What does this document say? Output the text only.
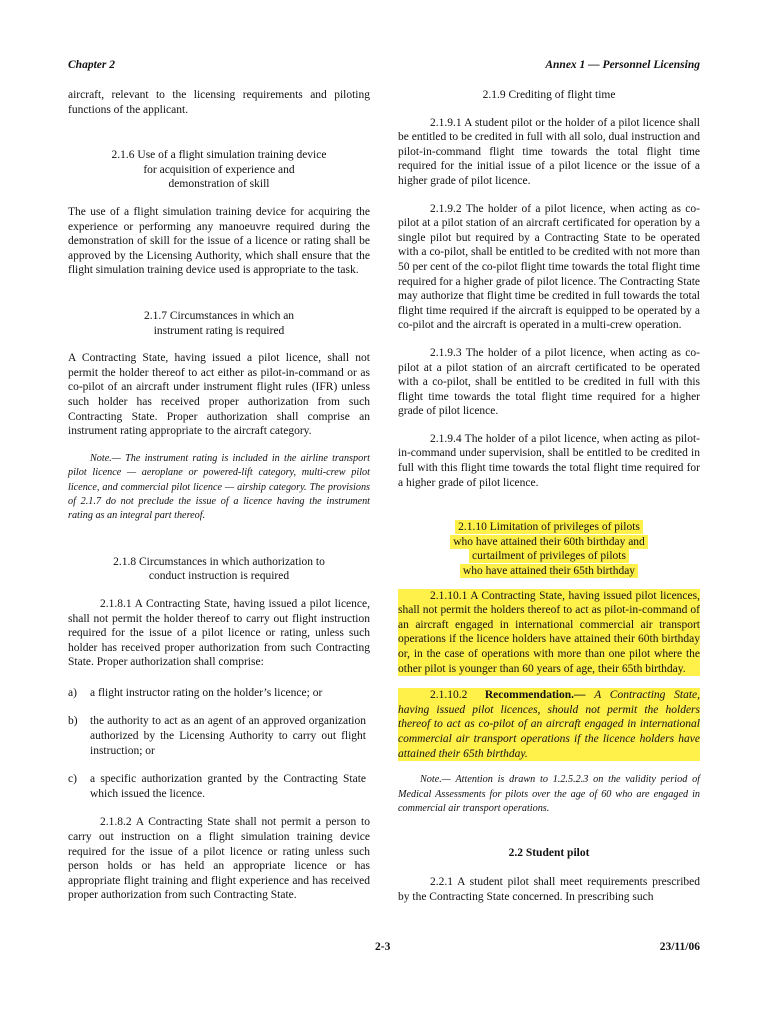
Chapter 2	Annex 1 — Personnel Licensing

aircraft, relevant to the licensing requirements and piloting functions of the applicant.

2.1.6 Use of a flight simulation training device
for acquisition of experience and
demonstration of skill

The use of a flight simulation training device for acquiring the experience or performing any manoeuvre required during the demonstration of skill for the issue of a licence or rating shall be approved by the Licensing Authority, which shall ensure that the flight simulation training device used is appropriate to the task.

2.1.7 Circumstances in which an
instrument rating is required

A Contracting State, having issued a pilot licence, shall not permit the holder thereof to act either as pilot-in-command or as co-pilot of an aircraft under instrument flight rules (IFR) unless such holder has received proper authorization from such Contracting State. Proper authorization shall comprise an instrument rating appropriate to the aircraft category.

Note.— The instrument rating is included in the airline transport pilot licence — aeroplane or powered-lift category, multi-crew pilot licence, and commercial pilot licence — airship category. The provisions of 2.1.7 do not preclude the issue of a licence having the instrument rating as an integral part thereof.

2.1.8 Circumstances in which authorization to
conduct instruction is required

2.1.8.1 A Contracting State, having issued a pilot licence, shall not permit the holder thereof to carry out flight instruction required for the issue of a pilot licence or rating, unless such holder has received proper authorization from such Contracting State. Proper authorization shall comprise:

a) a flight instructor rating on the holder’s licence; or
b) the authority to act as an agent of an approved organization authorized by the Licensing Authority to carry out flight instruction; or
c) a specific authorization granted by the Contracting State which issued the licence.

2.1.8.2 A Contracting State shall not permit a person to carry out instruction on a flight simulation training device required for the issue of a pilot licence or rating unless such person holds or has held an appropriate licence or has appropriate flight training and flight experience and has received proper authorization from such Contracting State.

2.1.9 Crediting of flight time

2.1.9.1 A student pilot or the holder of a pilot licence shall be entitled to be credited in full with all solo, dual instruction and pilot-in-command flight time towards the total flight time required for the initial issue of a pilot licence or the issue of a higher grade of pilot licence.

2.1.9.2 The holder of a pilot licence, when acting as co-pilot at a pilot station of an aircraft certificated for operation by a single pilot but required by a Contracting State to be operated with a co-pilot, shall be entitled to be credited with not more than 50 per cent of the co-pilot flight time towards the total flight time required for a higher grade of pilot licence. The Contracting State may authorize that flight time be credited in full towards the total flight time required if the aircraft is equipped to be operated by a co-pilot and the aircraft is operated in a multi-crew operation.

2.1.9.3 The holder of a pilot licence, when acting as co-pilot at a pilot station of an aircraft certificated to be operated with a co-pilot, shall be entitled to be credited in full with this flight time towards the total flight time required for a higher grade of pilot licence.

2.1.9.4 The holder of a pilot licence, when acting as pilot-in-command under supervision, shall be entitled to be credited in full with this flight time towards the total flight time required for a higher grade of pilot licence.

2.1.10 Limitation of privileges of pilots
who have attained their 60th birthday and
curtailment of privileges of pilots
who have attained their 65th birthday

2.1.10.1 A Contracting State, having issued pilot licences, shall not permit the holders thereof to act as pilot-in-command of an aircraft engaged in international commercial air transport operations if the licence holders have attained their 60th birthday or, in the case of operations with more than one pilot where the other pilot is younger than 60 years of age, their 65th birthday.

2.1.10.2 Recommendation.— A Contracting State, having issued pilot licences, should not permit the holders thereof to act as co-pilot of an aircraft engaged in international commercial air transport operations if the licence holders have attained their 65th birthday.

Note.— Attention is drawn to 1.2.5.2.3 on the validity period of Medical Assessments for pilots over the age of 60 who are engaged in commercial air transport operations.

2.2 Student pilot

2.2.1 A student pilot shall meet requirements prescribed by the Contracting State concerned. In prescribing such

2-3	23/11/06
